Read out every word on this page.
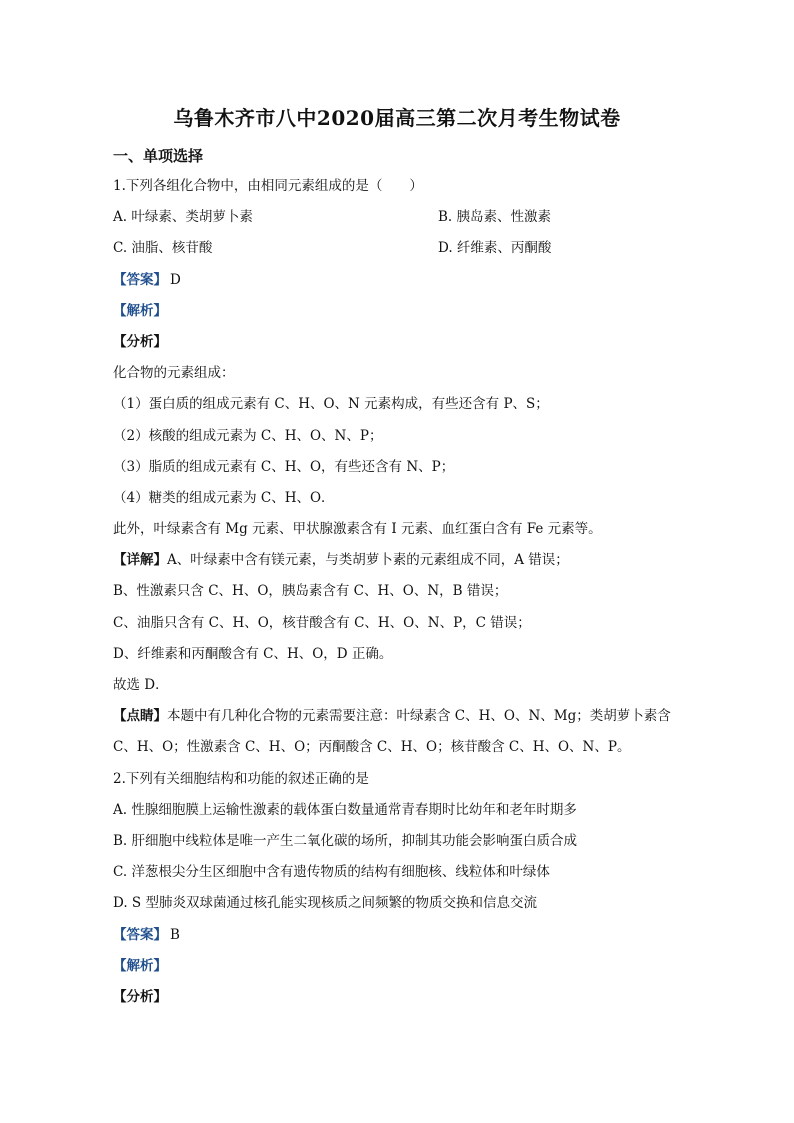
乌鲁木齐市八中2020届高三第二次月考生物试卷
一、单项选择
1.下列各组化合物中，由相同元素组成的是（　　）
A. 叶绿素、类胡萝卜素	B. 胰岛素、性激素
C. 油脂、核苷酸	D. 纤维素、丙酮酸
【答案】 D
【解析】
【分析】
化合物的元素组成：
（1）蛋白质的组成元素有 C、H、O、N 元素构成，有些还含有 P、S；
（2）核酸的组成元素为 C、H、O、N、P；
（3）脂质的组成元素有 C、H、O，有些还含有 N、P；
（4）糖类的组成元素为 C、H、O．
此外，叶绿素含有 Mg 元素、甲状腺激素含有 I 元素、血红蛋白含有 Fe 元素等。
【详解】A、叶绿素中含有镁元素，与类胡萝卜素的元素组成不同，A 错误；
B、性激素只含 C、H、O，胰岛素含有 C、H、O、N，B 错误；
C、油脂只含有 C、H、O，核苷酸含有 C、H、O、N、P，C 错误；
D、纤维素和丙酮酸含有 C、H、O，D 正确。
故选 D．
【点睛】本题中有几种化合物的元素需要注意：叶绿素含 C、H、O、N、Mg；类胡萝卜素含
C、H、O；性激素含 C、H、O；丙酮酸含 C、H、O；核苷酸含 C、H、O、N、P。
2.下列有关细胞结构和功能的叙述正确的是
A. 性腺细胞膜上运输性激素的载体蛋白数量通常青春期时比幼年和老年时期多
B. 肝细胞中线粒体是唯一产生二氧化碳的场所，抑制其功能会影响蛋白质合成
C. 洋葱根尖分生区细胞中含有遗传物质的结构有细胞核、线粒体和叶绿体
D. S 型肺炎双球菌通过核孔能实现核质之间频繁的物质交换和信息交流
【答案】 B
【解析】
【分析】
